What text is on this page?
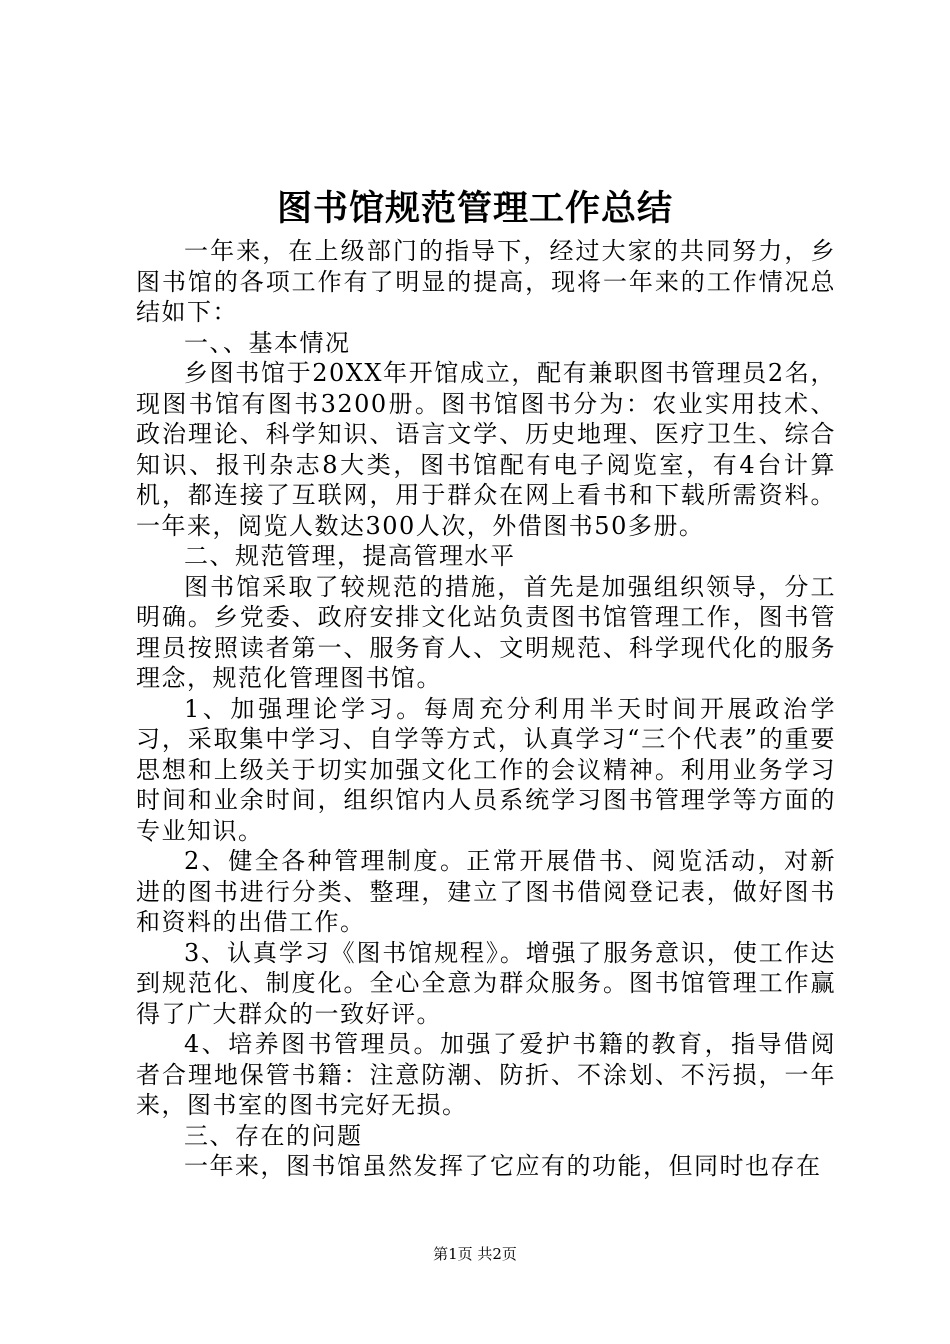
图书馆规范管理工作总结

一年来，在上级部门的指导下，经过大家的共同努力，乡图书馆的各项工作有了明显的提高，现将一年来的工作情况总结如下：

一、、基本情况

乡图书馆于20XX年开馆成立，配有兼职图书管理员2名，现图书馆有图书3200册。图书馆图书分为：农业实用技术、政治理论、科学知识、语言文学、历史地理、医疗卫生、综合知识、报刊杂志8大类，图书馆配有电子阅览室，有4台计算机，都连接了互联网，用于群众在网上看书和下载所需资料。一年来，阅览人数达300人次，外借图书50多册。

二、规范管理，提高管理水平

图书馆采取了较规范的措施，首先是加强组织领导，分工明确。乡党委、政府安排文化站负责图书馆管理工作，图书管理员按照读者第一、服务育人、文明规范、科学现代化的服务理念，规范化管理图书馆。

1、加强理论学习。每周充分利用半天时间开展政治学习，采取集中学习、自学等方式，认真学习“三个代表”的重要思想和上级关于切实加强文化工作的会议精神。利用业务学习时间和业余时间，组织馆内人员系统学习图书管理学等方面的专业知识。

2、健全各种管理制度。正常开展借书、阅览活动，对新进的图书进行分类、整理，建立了图书借阅登记表，做好图书和资料的出借工作。

3、认真学习《图书馆规程》。增强了服务意识，使工作达到规范化、制度化。全心全意为群众服务。图书馆管理工作赢得了广大群众的一致好评。

4、培养图书管理员。加强了爱护书籍的教育，指导借阅者合理地保管书籍：注意防潮、防折、不涂划、不污损，一年来，图书室的图书完好无损。

三、存在的问题

一年来，图书馆虽然发挥了它应有的功能，但同时也存在

第1页 共2页
